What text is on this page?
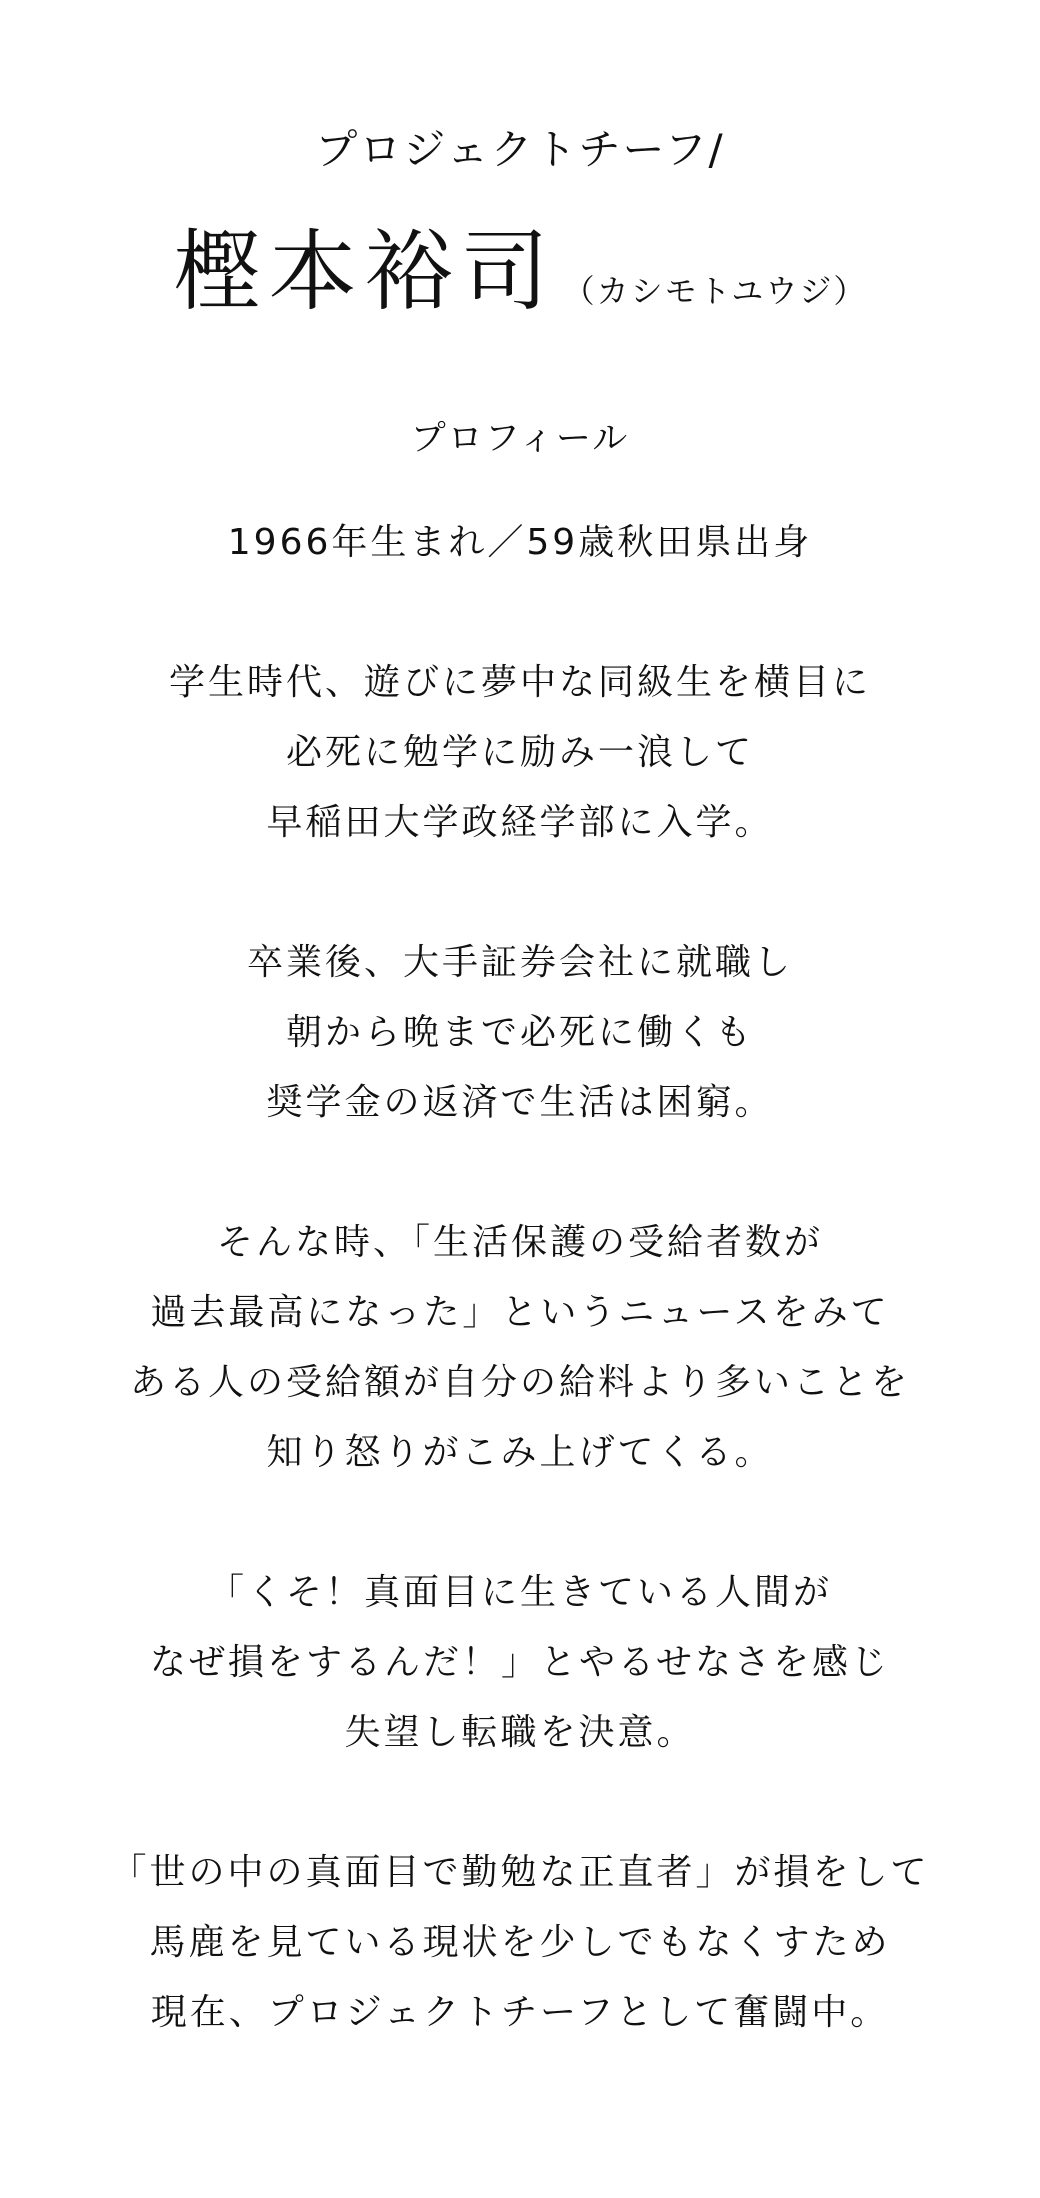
プロジェクトチーフ/
樫本裕司 （カシモトユウジ）
プロフィール

1966年生まれ／59歳秋田県出身

学生時代、遊びに夢中な同級生を横目に

必死に勉学に励み一浪して

早稲田大学政経学部に入学。

卒業後、大手証券会社に就職し

朝から晩まで必死に働くも

奨学金の返済で生活は困窮。

そんな時、「生活保護の受給者数が

過去最高になった」というニュースをみて

ある人の受給額が自分の給料より多いことを

知り怒りがこみ上げてくる。

「くそ！真面目に生きている人間が

なぜ損をするんだ！」とやるせなさを感じ

失望し転職を決意。

「世の中の真面目で勤勉な正直者」が損をして

馬鹿を見ている現状を少しでもなくすため

現在、プロジェクトチーフとして奮闘中。
